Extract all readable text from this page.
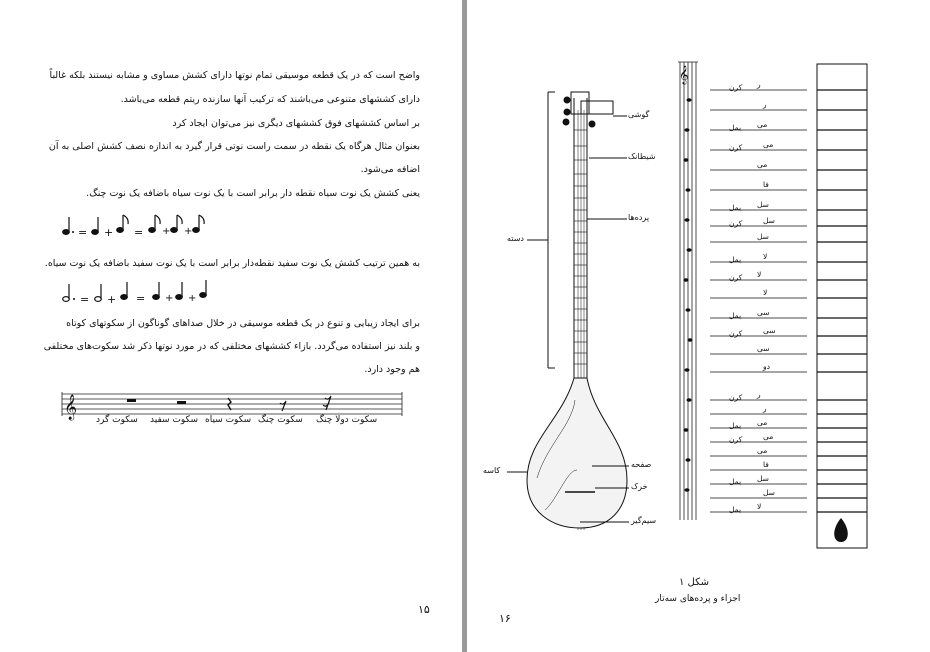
واضح است که در یک قطعه موسیقی تمام نوتها دارای کشش مساوی و مشابه نیستند بلکه غالباً
دارای کششهای متنوعی می‌باشند که ترکیب آنها سازنده ریتم قطعه می‌باشد.
بر اساس کششهای فوق کششهای دیگری نیز می‌توان ایجاد کرد
بعنوان مثال هرگاه یک نقطه در سمت راست نوتی قرار گیرد به اندازه نصف کشش اصلی به آن
اضافه می‌شود.
یعنی کشش یک نوت سیاه نقطه دار برابر است با یک نوت سیاه باضافه یک نوت چنگ.
= + = + +
به همین ترتیب کشش یک نوت سفید نقطه‌دار برابر است با یک نوت سفید باضافه یک نوت سیاه.
= + = + +
برای ایجاد زیبایی و تنوع در یک قطعه موسیقی در خلال صداهای گوناگون از سکوتهای کوتاه
و بلند نیز استفاده می‌گردد. بازاء کششهای مختلفی که در مورد نوتها ذکر شد سکوت‌های مختلفی
هم وجود دارد.
𝄞 سکوت گرد سکوت سفید سکوت سیاه سکوت چنگ سکوت دولا چنگ
۱۵
𝄞
گوشی
شیطانک
پرده‌ها
دسته
صفحه
خرک
کاسه
سیم‌گیر
ر
کرن
ر
می
بمل
می
کرن
می
فا
سل
بمل
سل
کرن
سل
لا
بمل
لا
کرن
لا
سی
بمل
سی
کرن
سی
دو
ر
کرن
ر
می
بمل
می
کرن
می
فا
سل
بمل
سل
لا
بمل
شکل ۱
اجزاء و پرده‌های سه‌تار
۱۶
